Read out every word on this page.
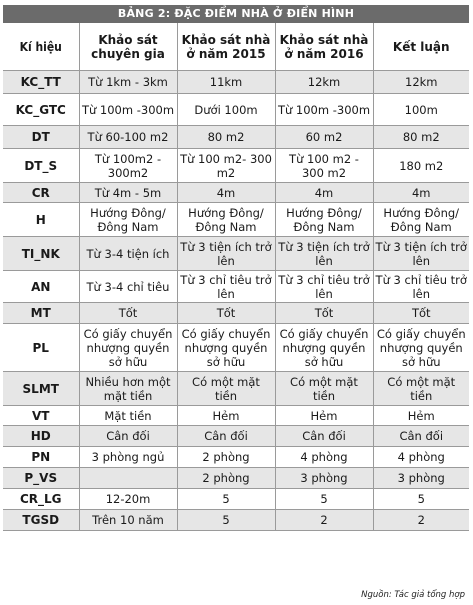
BẢNG 2: ĐẶC ĐIỂM NHÀ Ở ĐIỂN HÌNH
Kí hiệu	Khảo sát chuyên gia	Khảo sát nhà ở năm 2015	Khảo sát nhà ở năm 2016	Kết luận
KC_TT	Từ 1km - 3km	11km	12km	12km
KC_GTC	Từ 100m -300m	Dưới 100m	Từ 100m -300m	100m
DT	Từ 60-100 m2	80 m2	60 m2	80 m2
DT_S	Từ 100m2 - 300m2	Từ 100 m2- 300 m2	Từ 100 m2 - 300 m2	180 m2
CR	Từ 4m - 5m	4m	4m	4m
H	Hướng Đông/ Đông Nam	Hướng Đông/ Đông Nam	Hướng Đông/ Đông Nam	Hướng Đông/ Đông Nam
TI_NK	Từ 3-4 tiện ích	Từ 3 tiện ích trở lên	Từ 3 tiện ích trở lên	Từ 3 tiện ích trở lên
AN	Từ 3-4 chỉ tiêu	Từ 3 chỉ tiêu trở lên	Từ 3 chỉ tiêu trở lên	Từ 3 chỉ tiêu trở lên
MT	Tốt	Tốt	Tốt	Tốt
PL	Có giấy chuyển nhượng quyền sở hữu	Có giấy chuyển nhượng quyền sở hữu	Có giấy chuyển nhượng quyền sở hữu	Có giấy chuyển nhượng quyền sở hữu
SLMT	Nhiều hơn một mặt tiền	Có một mặt tiền	Có một mặt tiền	Có một mặt tiền
VT	Mặt tiền	Hẻm	Hẻm	Hẻm
HD	Cân đối	Cân đối	Cân đối	Cân đối
PN	3 phòng ngủ	2 phòng	4 phòng	4 phòng
P_VS		2 phòng	3 phòng	3 phòng
CR_LG	12-20m	5	5	5
TGSD	Trên 10 năm	5	2	2
Nguồn: Tác giả tổng hợp
